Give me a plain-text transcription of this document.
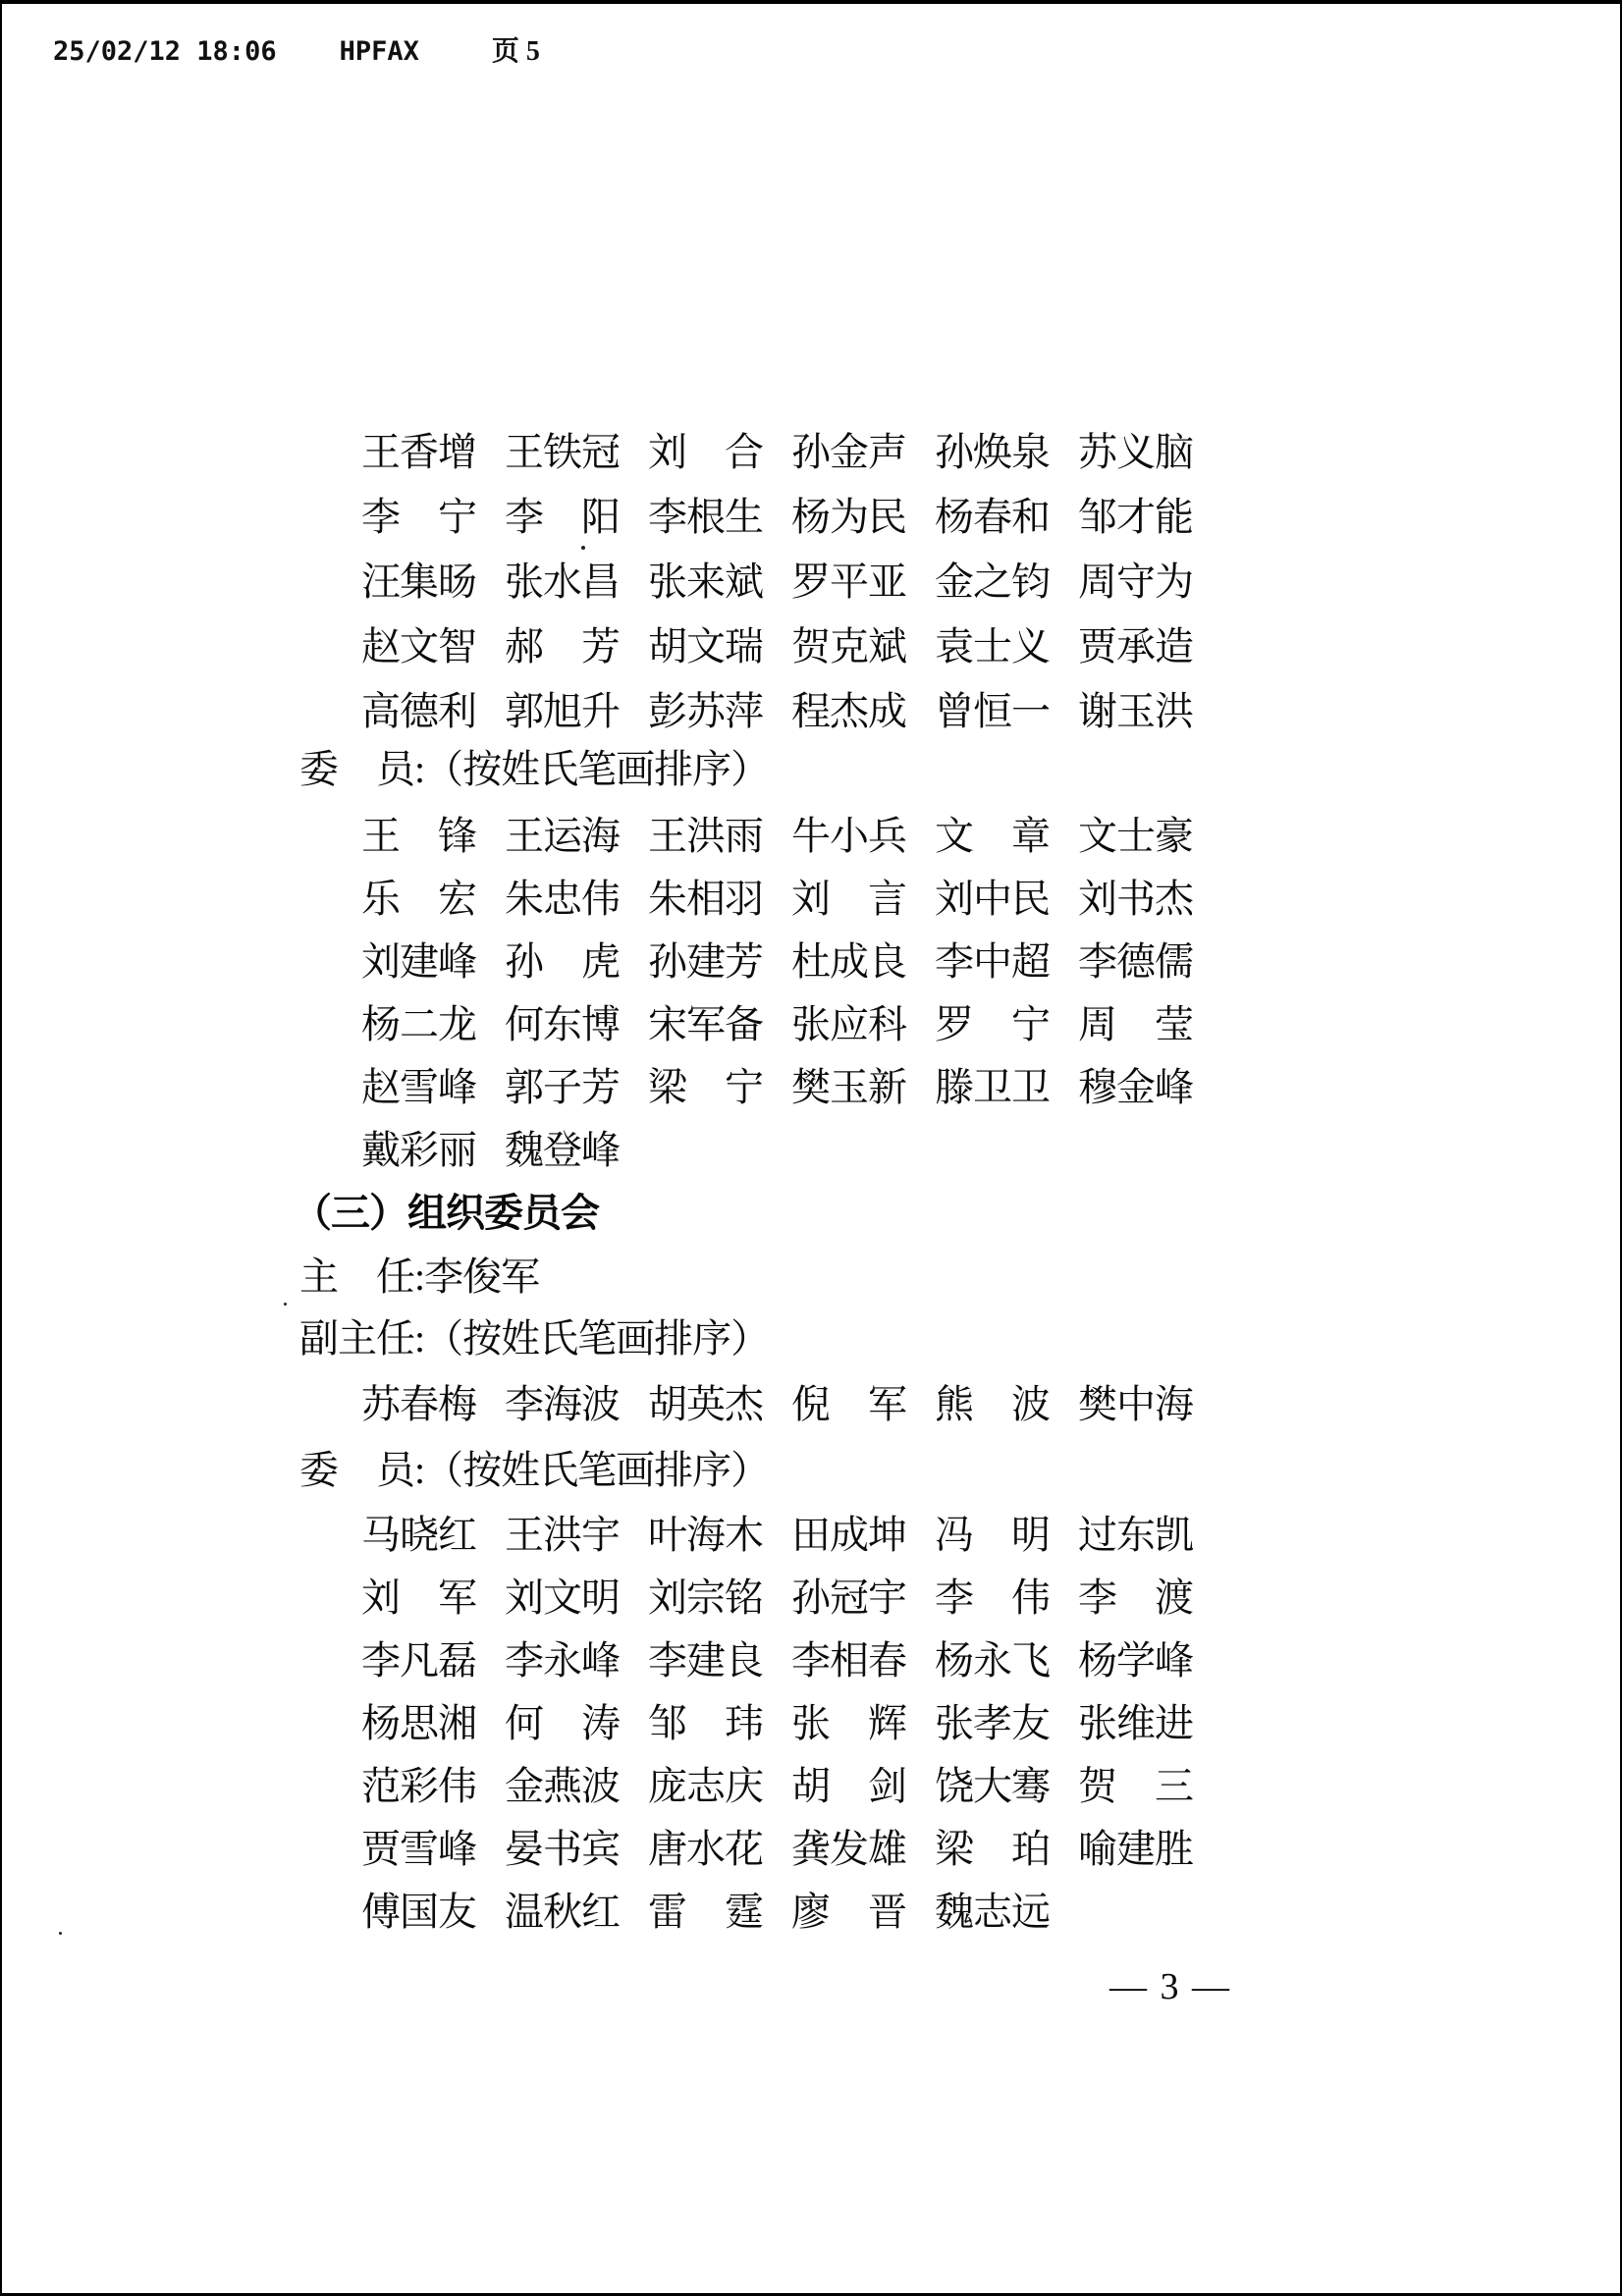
25/02/12 18:06 HPFAX	页 5
王香增 王铁冠 刘　合 孙金声 孙焕泉 苏义脑
李　宁 李　阳 李根生 杨为民 杨春和 邹才能
汪集旸 张水昌 张来斌 罗平亚 金之钧 周守为
赵文智 郝　芳 胡文瑞 贺克斌 袁士义 贾承造
高德利 郭旭升 彭苏萍 程杰成 曾恒一 谢玉洪
委　员:（按姓氏笔画排序）
王　锋 王运海 王洪雨 牛小兵 文　章 文士豪
乐　宏 朱忠伟 朱相羽 刘　言 刘中民 刘书杰
刘建峰 孙　虎 孙建芳 杜成良 李中超 李德儒
杨二龙 何东博 宋军备 张应科 罗　宁 周　莹
赵雪峰 郭子芳 梁　宁 樊玉新 滕卫卫 穆金峰
戴彩丽 魏登峰
（三）组织委员会
主　任:李俊军
副主任:（按姓氏笔画排序）
苏春梅 李海波 胡英杰 倪　军 熊　波 樊中海
委　员:（按姓氏笔画排序）
马晓红 王洪宇 叶海木 田成坤 冯　明 过东凯
刘　军 刘文明 刘宗铭 孙冠宇 李　伟 李　渡
李凡磊 李永峰 李建良 李相春 杨永飞 杨学峰
杨思湘 何　涛 邹　玮 张　辉 张孝友 张维进
范彩伟 金燕波 庞志庆 胡　剑 饶大骞 贺　三
贾雪峰 晏书宾 唐水花 龚发雄 梁　珀 喻建胜
傅国友 温秋红 雷　霆 廖　晋 魏志远
— 3 —
